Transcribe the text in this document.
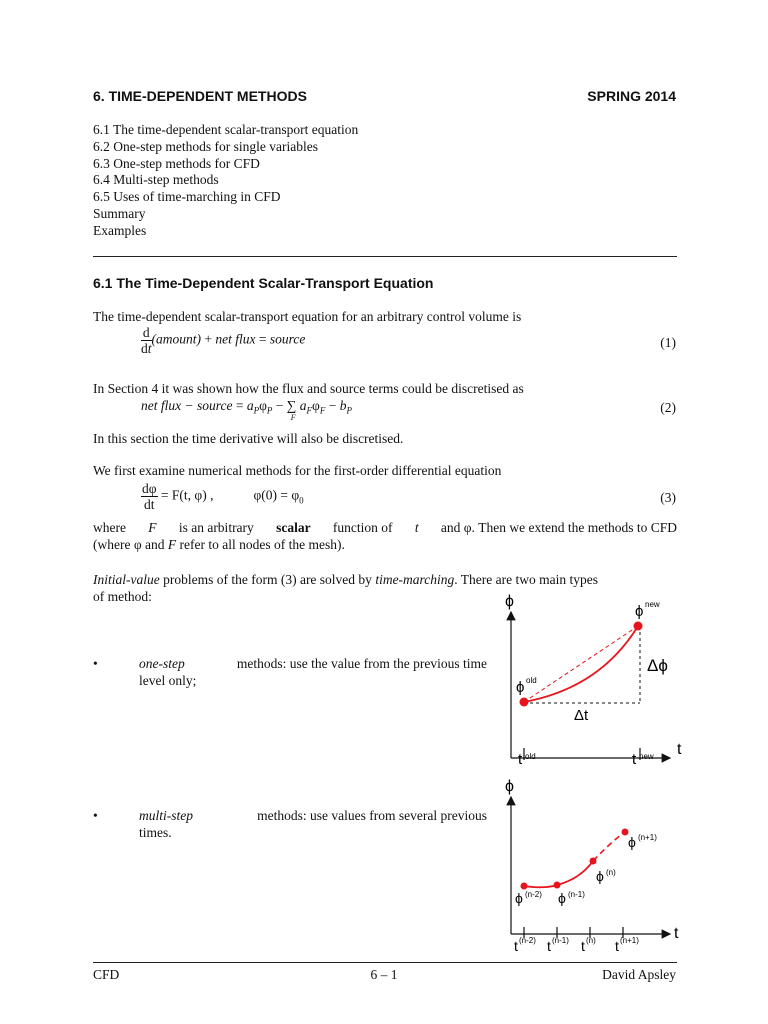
6. TIME-DEPENDENT METHODS	SPRING 2014
6.1 The time-dependent scalar-transport equation
6.2 One-step methods for single variables
6.3 One-step methods for CFD
6.4 Multi-step methods
6.5 Uses of time-marching in CFD
Summary
Examples
6.1 The Time-Dependent Scalar-Transport Equation
The time-dependent scalar-transport equation for an arbitrary control volume is
$\frac{d}{dt}$ (amount) + net flux = source	(1)
In Section 4 it was shown how the flux and source terms could be discretised as
net flux − source = $a_P\varphi_P$ − ∑
F
$a_F\varphi_F - b_P$	(2)
In this section the time derivative will also be discretised.
We first examine numerical methods for the first-order differential equation
$\frac{d\varphi}{dt} = F(t$, φ) ,	$\varphi(0) = \varphi_0$	(3)
where F is an arbitrary scalar function of t and φ. Then we extend the methods to CFD
(where φ and F refer to all nodes of the mesh).
Initial-value problems of the form (3) are solved by time-marching. There are two main types
of method:
•	one-step	methods: use the value from the previous time
level only;
•	multi-step	methods: use values from several previous
times.
ϕ
t
ϕ new
ϕ old
Δϕ
Δt
t old	t new
ϕ
t
ϕ (n-2) ϕ (n-1)
ϕ (n)
ϕ (n+1)
t (n-2) t (n-1) t (n) t (n+1)
CFD	6 – 1	David Apsley
